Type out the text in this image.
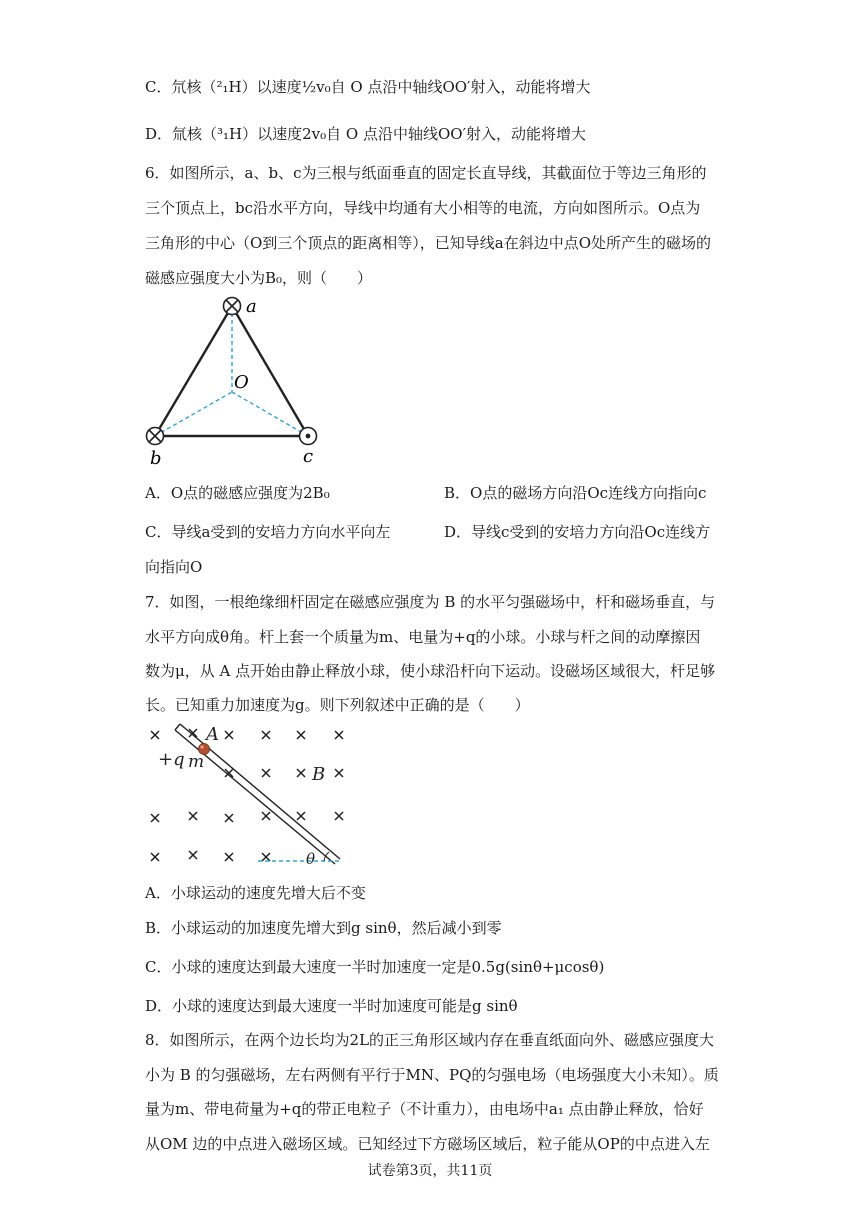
C．氘核（²₁H）以速度½v₀自 O 点沿中轴线OO′射入，动能将增大
D．氚核（³₁H）以速度2v₀自 O 点沿中轴线OO′射入，动能将增大
6．如图所示，a、b、c为三根与纸面垂直的固定长直导线，其截面位于等边三角形的
三个顶点上，bc沿水平方向，导线中均通有大小相等的电流，方向如图所示。O点为
三角形的中心（O到三个顶点的距离相等），已知导线a在斜边中点O处所产生的磁场的
磁感应强度大小为B₀，则（　　）
a
b	c
O
A．O点的磁感应强度为2B₀	B．O点的磁场方向沿Oc连线方向指向c
C．导线a受到的安培力方向水平向左	D．导线c受到的安培力方向沿Oc连线方
向指向O
7．如图，一根绝缘细杆固定在磁感应强度为 B 的水平匀强磁场中，杆和磁场垂直，与
水平方向成θ角。杆上套一个质量为m、电量为+q的小球。小球与杆之间的动摩擦因
数为μ，从 A 点开始由静止释放小球，使小球沿杆向下运动。设磁场区域很大，杆足够
长。已知重力加速度为g。则下列叙述中正确的是（　　）
A
+q m
B
θ
A．小球运动的速度先增大后不变
B．小球运动的加速度先增大到g sinθ，然后减小到零
C．小球的速度达到最大速度一半时加速度一定是0.5g(sinθ+μcosθ)
D．小球的速度达到最大速度一半时加速度可能是g sinθ
8．如图所示，在两个边长均为2L的正三角形区域内存在垂直纸面向外、磁感应强度大
小为 B 的匀强磁场，左右两侧有平行于MN、PQ的匀强电场（电场强度大小未知）。质
量为m、带电荷量为+q的带正电粒子（不计重力），由电场中a₁ 点由静止释放，恰好
从OM 边的中点进入磁场区域。已知经过下方磁场区域后，粒子能从OP的中点进入左
试卷第3页，共11页
